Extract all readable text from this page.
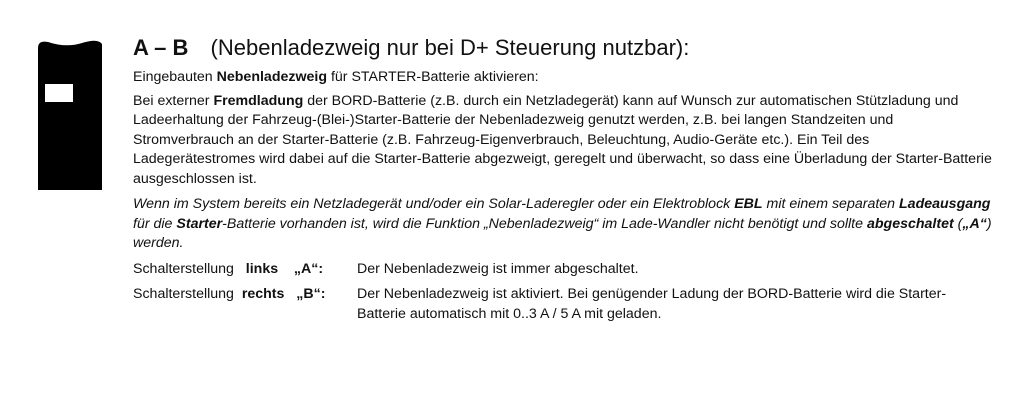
A – B (Nebenladezweig nur bei D+ Steuerung nutzbar):

Eingebauten Nebenladezweig für STARTER-Batterie aktivieren:

Bei externer Fremdladung der BORD-Batterie (z.B. durch ein Netzladegerät) kann auf Wunsch zur automatischen Stützladung und Ladeerhaltung der Fahrzeug-(Blei-)Starter-Batterie der Nebenladezweig genutzt werden, z.B. bei langen Standzeiten und Stromverbrauch an der Starter-Batterie (z.B. Fahrzeug-Eigenverbrauch, Beleuchtung, Audio-Geräte etc.). Ein Teil des Ladegerätestromes wird dabei auf die Starter-Batterie abgezweigt, geregelt und überwacht, so dass eine Überladung der Starter-Batterie ausgeschlossen ist.

Wenn im System bereits ein Netzladegerät und/oder ein Solar-Laderegler oder ein Elektroblock EBL mit einem separaten Ladeausgang für die Starter-Batterie vorhanden ist, wird die Funktion „Nebenladezweig“ im Lade-Wandler nicht benötigt und sollte abgeschaltet („A“) werden.

Schalterstellung links „A“:	Der Nebenladezweig ist immer abgeschaltet.
Schalterstellung rechts „B“:	Der Nebenladezweig ist aktiviert. Bei genügender Ladung der BORD-Batterie wird die Starter-Batterie automatisch mit 0..3 A / 5 A mit geladen.
